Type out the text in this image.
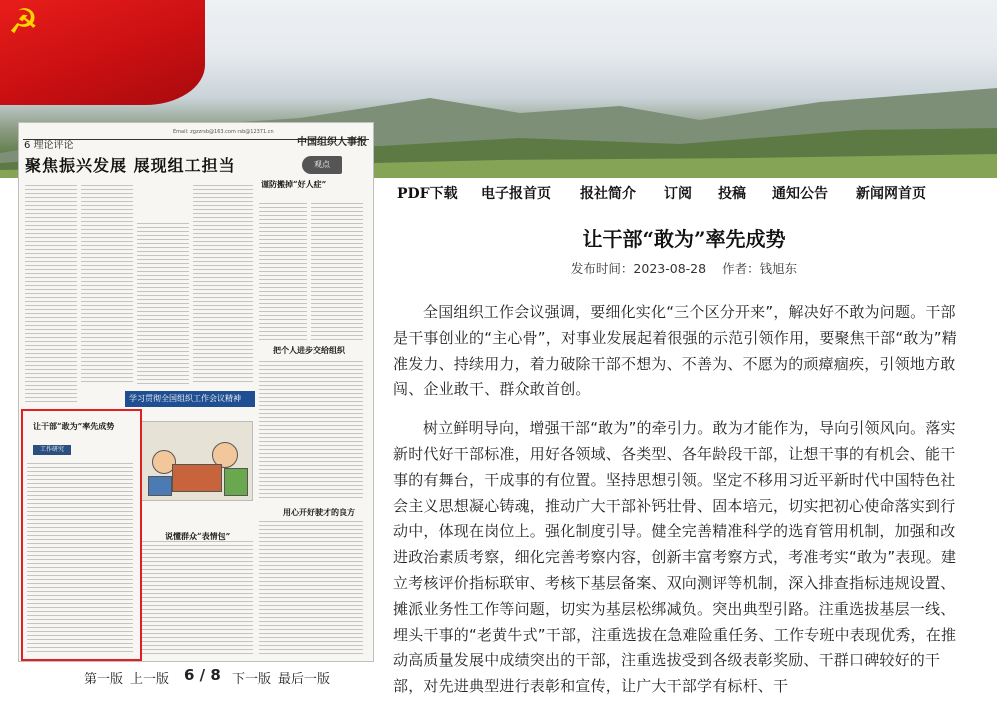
☭
Email: zgzzrsb@163.com rsb@12371.cn
6 理论评论	中国组织人事报
聚焦振兴发展 展现组工担当	观点
谨防搬掉“好人症”
把个人进步交给组织
说懂群众“表情包”
用心开好驶才的良方
学习贯彻全国组织工作会议精神
让干部“敢为”率先成势
工作研究
第一版 上一版 6 / 8 下一版 最后一版
PDF下载 电子报首页 报社简介 订阅 投稿 通知公告 新闻网首页
让干部“敢为”率先成势
发布时间：2023-08-28 作者：钱旭东

全国组织工作会议强调，要细化实化“三个区分开来”，解决好不敢为问题。干部是干事创业的“主心骨”，对事业发展起着很强的示范引领作用，要聚焦干部“敢为”精准发力、持续用力，着力破除干部不想为、不善为、不愿为的顽瘴痼疾，引领地方敢闯、企业敢干、群众敢首创。

树立鲜明导向，增强干部“敢为”的牵引力。敢为才能作为，导向引领风向。落实新时代好干部标准，用好各领域、各类型、各年龄段干部，让想干事的有机会、能干事的有舞台，干成事的有位置。坚持思想引领。坚定不移用习近平新时代中国特色社会主义思想凝心铸魂，推动广大干部补钙壮骨、固本培元，切实把初心使命落实到行动中，体现在岗位上。强化制度引导。健全完善精准科学的选育管用机制，加强和改进政治素质考察，细化完善考察内容，创新丰富考察方式，考准考实“敢为”表现。建立考核评价指标联审、考核下基层备案、双向测评等机制，深入排查指标违规设置、摊派业务性工作等问题，切实为基层松绑减负。突出典型引路。注重选拔基层一线、埋头干事的“老黄牛式”干部，注重选拔在急难险重任务、工作专班中表现优秀，在推动高质量发展中成绩突出的干部，注重选拔受到各级表彰奖励、干群口碑较好的干部，对先进典型进行表彰和宣传，让广大干部学有标杆、干
